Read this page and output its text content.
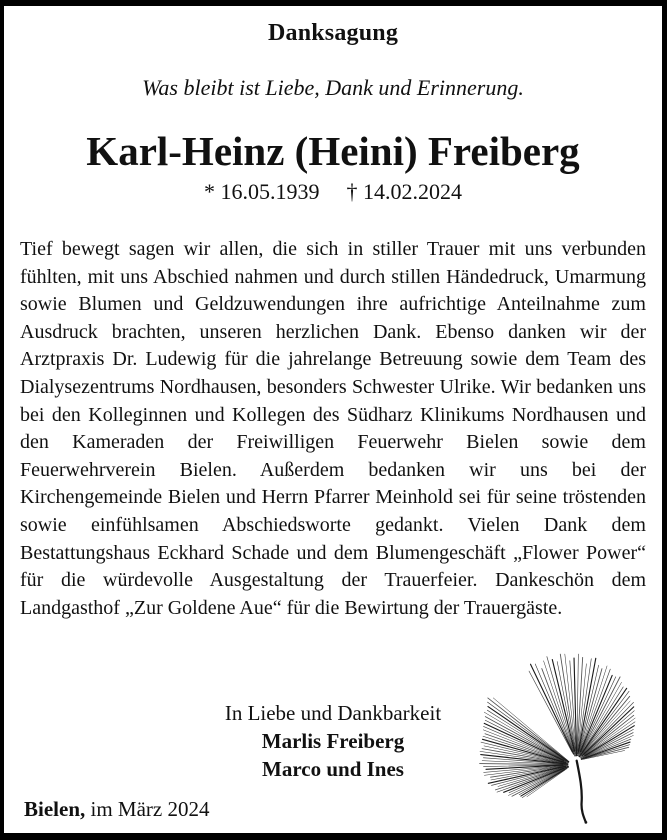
Danksagung
Was bleibt ist Liebe, Dank und Erinnerung.
Karl-Heinz (Heini) Freiberg
* 16.05.1939 † 14.02.2024
Tief bewegt sagen wir allen, die sich in stiller Trauer mit uns verbunden fühlten, mit uns Abschied nahmen und durch stillen Händedruck, Umarmung sowie Blumen und Geldzuwendungen ihre aufrichtige Anteilnahme zum Ausdruck brachten, unseren herzlichen Dank. Ebenso danken wir der Arztpraxis Dr. Ludewig für die jahrelange Betreuung sowie dem Team des Dialysezentrums Nordhausen, besonders Schwester Ulrike. Wir bedanken uns bei den Kolleginnen und Kollegen des Südharz Klinikums Nordhausen und den Kameraden der Freiwilligen Feuerwehr Bielen sowie dem Feuerwehrverein Bielen. Außerdem bedanken wir uns bei der Kirchengemeinde Bielen und Herrn Pfarrer Meinhold sei für seine tröstenden sowie einfühlsamen Abschiedsworte gedankt. Vielen Dank dem Bestattungshaus Eckhard Schade und dem Blumengeschäft „Flower Power“ für die würdevolle Ausgestaltung der Trauerfeier. Dankeschön dem Landgasthof „Zur Goldene Aue“ für die Bewirtung der Trauergäste.
In Liebe und Dankbarkeit
Marlis Freiberg
Marco und Ines
Bielen, im März 2024
